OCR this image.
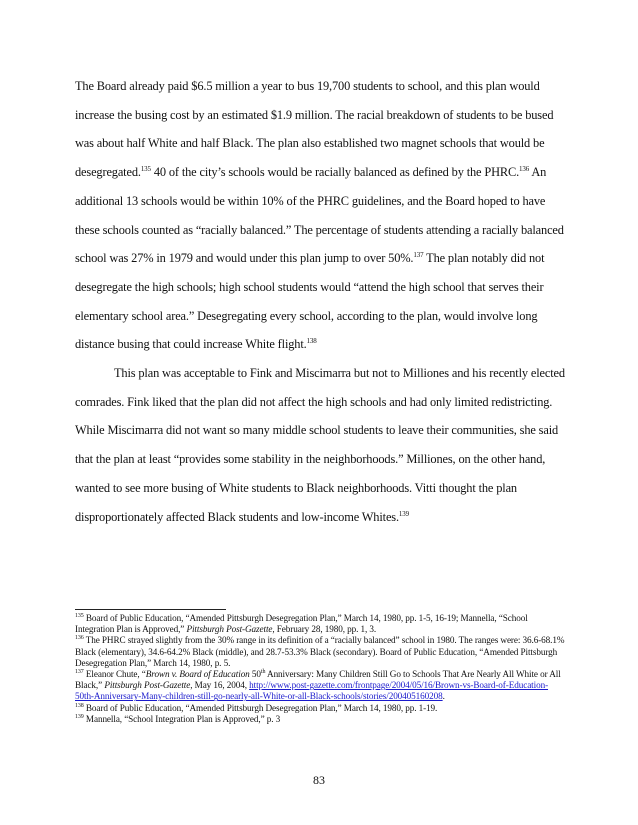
The Board already paid $6.5 million a year to bus 19,700 students to school, and this plan would increase the busing cost by an estimated $1.9 million. The racial breakdown of students to be bused was about half White and half Black. The plan also established two magnet schools that would be desegregated.$^{135}$ 40 of the city’s schools would be racially balanced as defined by the PHRC.$^{136}$ An additional 13 schools would be within 10% of the PHRC guidelines, and the Board hoped to have these schools counted as “racially balanced.” The percentage of students attending a racially balanced school was 27% in 1979 and would under this plan jump to over 50%.$^{137}$ The plan notably did not desegregate the high schools; high school students would “attend the high school that serves their elementary school area.” Desegregating every school, according to the plan, would involve long distance busing that could increase White flight.$^{138}$

This plan was acceptable to Fink and Miscimarra but not to Milliones and his recently elected comrades. Fink liked that the plan did not affect the high schools and had only limited redistricting. While Miscimarra did not want so many middle school students to leave their communities, she said that the plan at least “provides some stability in the neighborhoods.” Milliones, on the other hand, wanted to see more busing of White students to Black neighborhoods. Vitti thought the plan disproportionately affected Black students and low-income Whites.$^{139}$

$^{135}$ Board of Public Education, “Amended Pittsburgh Desegregation Plan,” March 14, 1980, pp. 1-5, 16-19; Mannella, “School Integration Plan is Approved,” Pittsburgh Post-Gazette, February 28, 1980, pp. 1, 3.

$^{136}$ The PHRC strayed slightly from the 30% range in its definition of a “racially balanced” school in 1980. The ranges were: 36.6-68.1% Black (elementary), 34.6-64.2% Black (middle), and 28.7-53.3% Black (secondary). Board of Public Education, “Amended Pittsburgh Desegregation Plan,” March 14, 1980, p. 5.

$^{137}$ Eleanor Chute, “Brown v. Board of Education 50th Anniversary: Many Children Still Go to Schools That Are Nearly All White or All Black,” Pittsburgh Post-Gazette, May 16, 2004, http://www.post-gazette.com/frontpage/2004/05/16/Brown-vs-Board-of-Education-50th-Anniversary-Many-children-still-go-nearly-all-White-or-all-Black-schools/stories/200405160208.

$^{138}$ Board of Public Education, “Amended Pittsburgh Desegregation Plan,” March 14, 1980, pp. 1-19.

$^{139}$ Mannella, “School Integration Plan is Approved,” p. 3

83
